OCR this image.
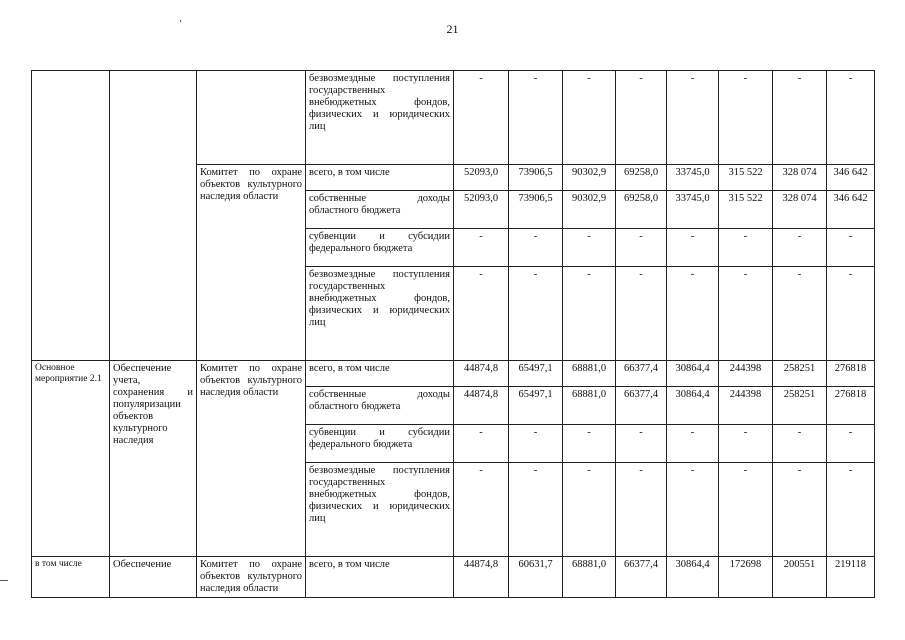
21
			безвозмездные поступления государственных внебюджетных фондов, физических и юридических лиц	-	-	-	-	-	-	-	-
		Комитет по охране объектов культурного наследия области	всего, в том числе	52093,0	73906,5	90302,9	69258,0	33745,0	315 522	328 074	346 642
			собственные доходы областного бюджета	52093,0	73906,5	90302,9	69258,0	33745,0	315 522	328 074	346 642
			субвенции и субсидии федерального бюджета	-	-	-	-	-	-	-	-
			безвозмездные поступления государственных внебюджетных фондов, физических и юридических лиц	-	-	-	-	-	-	-	-
Основное мероприятие 2.1	Обеспечение учета, сохранения и популяризации объектов культурного наследия	Комитет по охране объектов культурного наследия области	всего, в том числе	44874,8	65497,1	68881,0	66377,4	30864,4	244398	258251	276818
			собственные доходы областного бюджета	44874,8	65497,1	68881,0	66377,4	30864,4	244398	258251	276818
			субвенции и субсидии федерального бюджета	-	-	-	-	-	-	-	-
			безвозмездные поступления государственных внебюджетных фондов, физических и юридических лиц	-	-	-	-	-	-	-	-
в том числе	Обеспечение	Комитет по охране объектов культурного наследия области	всего, в том числе	44874,8	60631,7	68881,0	66377,4	30864,4	172698	200551	219118
